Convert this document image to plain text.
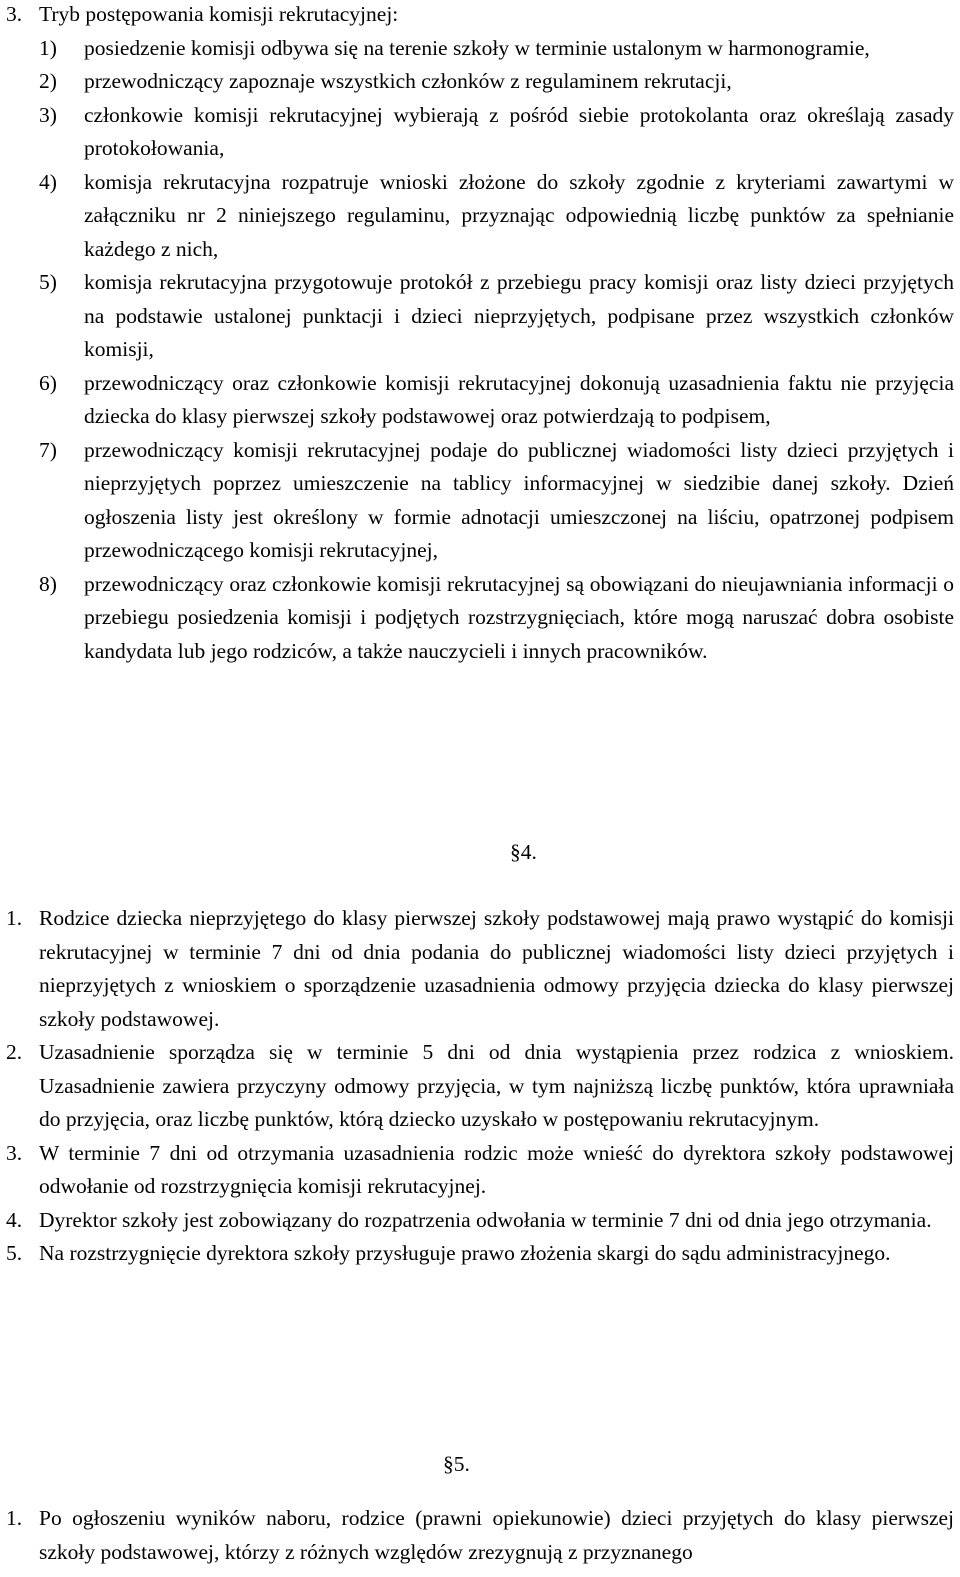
3. Tryb postępowania komisji rekrutacyjnej:
1) posiedzenie komisji odbywa się na terenie szkoły w terminie ustalonym w harmonogramie,
2) przewodniczący zapoznaje wszystkich członków z regulaminem rekrutacji,
3) członkowie komisji rekrutacyjnej wybierają z pośród siebie protokolanta oraz określają zasady protokołowania,
4) komisja rekrutacyjna rozpatruje wnioski złożone do szkoły zgodnie z kryteriami zawartymi w załączniku nr 2 niniejszego regulaminu, przyznając odpowiednią liczbę punktów za spełnianie każdego z nich,
5) komisja rekrutacyjna przygotowuje protokół z przebiegu pracy komisji oraz listy dzieci przyjętych na podstawie ustalonej punktacji i dzieci nieprzyjętych, podpisane przez wszystkich członków komisji,
6) przewodniczący oraz członkowie komisji rekrutacyjnej dokonują uzasadnienia faktu nie przyjęcia dziecka do klasy pierwszej szkoły podstawowej oraz potwierdzają to podpisem,
7) przewodniczący komisji rekrutacyjnej podaje do publicznej wiadomości listy dzieci przyjętych i nieprzyjętych poprzez umieszczenie na tablicy informacyjnej w siedzibie danej szkoły. Dzień ogłoszenia listy jest określony w formie adnotacji umieszczonej na liściu, opatrzonej podpisem przewodniczącego komisji rekrutacyjnej,
8) przewodniczący oraz członkowie komisji rekrutacyjnej są obowiązani do nieujawniania informacji o przebiegu posiedzenia komisji i podjętych rozstrzygnięciach, które mogą naruszać dobra osobiste kandydata lub jego rodziców, a także nauczycieli i innych pracowników.
§4.
1. Rodzice dziecka nieprzyjętego do klasy pierwszej szkoły podstawowej mają prawo wystąpić do komisji rekrutacyjnej w terminie 7 dni od dnia podania do publicznej wiadomości listy dzieci przyjętych i nieprzyjętych z wnioskiem o sporządzenie uzasadnienia odmowy przyjęcia dziecka do klasy pierwszej szkoły podstawowej.
2. Uzasadnienie sporządza się w terminie 5 dni od dnia wystąpienia przez rodzica z wnioskiem. Uzasadnienie zawiera przyczyny odmowy przyjęcia, w tym najniższą liczbę punktów, która uprawniała do przyjęcia, oraz liczbę punktów, którą dziecko uzyskało w postępowaniu rekrutacyjnym.
3. W terminie 7 dni od otrzymania uzasadnienia rodzic może wnieść do dyrektora szkoły podstawowej odwołanie od rozstrzygnięcia komisji rekrutacyjnej.
4. Dyrektor szkoły jest zobowiązany do rozpatrzenia odwołania w terminie 7 dni od dnia jego otrzymania.
5. Na rozstrzygnięcie dyrektora szkoły przysługuje prawo złożenia skargi do sądu administracyjnego.
§5.
1. Po ogłoszeniu wyników naboru, rodzice (prawni opiekunowie) dzieci przyjętych do klasy pierwszej szkoły podstawowej, którzy z różnych względów zrezygnują z przyznanego
